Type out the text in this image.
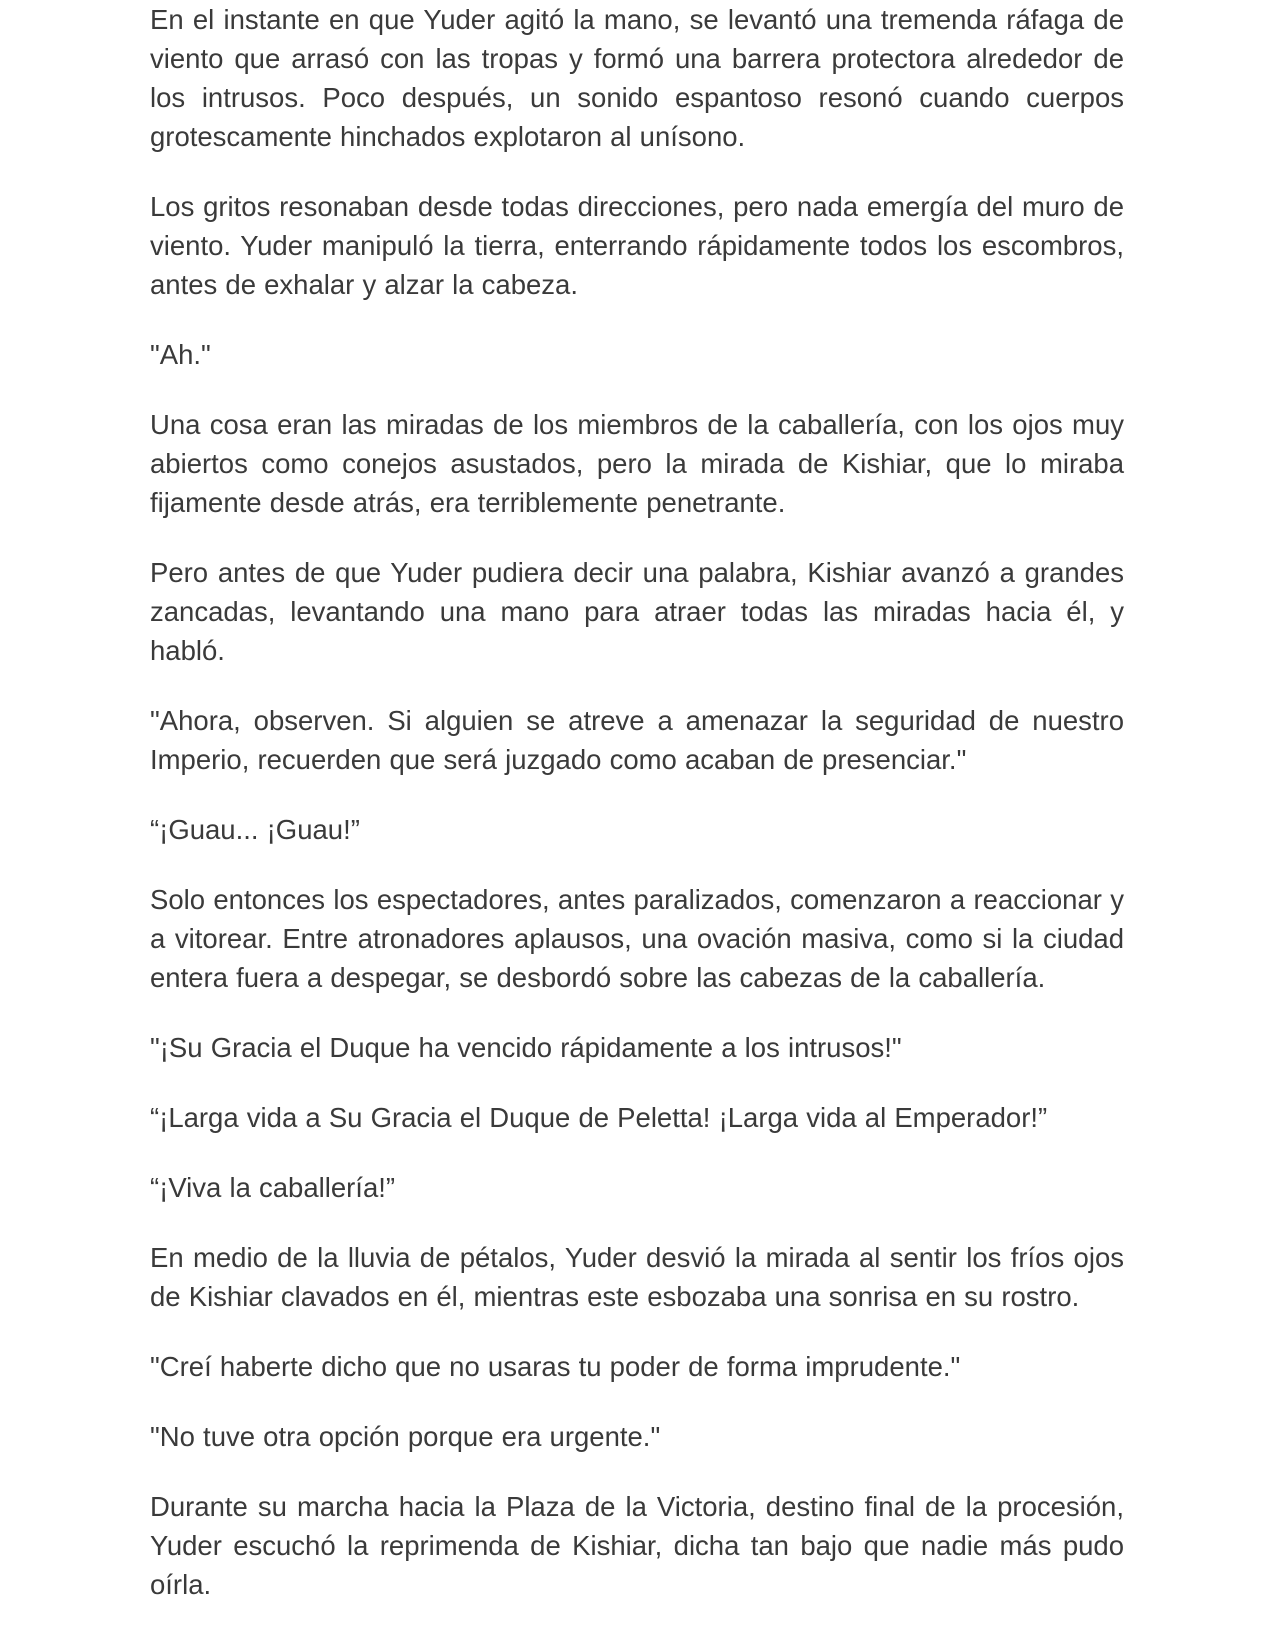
En el instante en que Yuder agitó la mano, se levantó una tremenda ráfaga de viento que arrasó con las tropas y formó una barrera protectora alrededor de los intrusos. Poco después, un sonido espantoso resonó cuando cuerpos grotescamente hinchados explotaron al unísono.

Los gritos resonaban desde todas direcciones, pero nada emergía del muro de viento. Yuder manipuló la tierra, enterrando rápidamente todos los escombros, antes de exhalar y alzar la cabeza.

"Ah."

Una cosa eran las miradas de los miembros de la caballería, con los ojos muy abiertos como conejos asustados, pero la mirada de Kishiar, que lo miraba fijamente desde atrás, era terriblemente penetrante.

Pero antes de que Yuder pudiera decir una palabra, Kishiar avanzó a grandes zancadas, levantando una mano para atraer todas las miradas hacia él, y habló.

"Ahora, observen. Si alguien se atreve a amenazar la seguridad de nuestro Imperio, recuerden que será juzgado como acaban de presenciar."

“¡Guau... ¡Guau!”

Solo entonces los espectadores, antes paralizados, comenzaron a reaccionar y a vitorear. Entre atronadores aplausos, una ovación masiva, como si la ciudad entera fuera a despegar, se desbordó sobre las cabezas de la caballería.

"¡Su Gracia el Duque ha vencido rápidamente a los intrusos!"

“¡Larga vida a Su Gracia el Duque de Peletta! ¡Larga vida al Emperador!”

“¡Viva la caballería!”

En medio de la lluvia de pétalos, Yuder desvió la mirada al sentir los fríos ojos de Kishiar clavados en él, mientras este esbozaba una sonrisa en su rostro.

"Creí haberte dicho que no usaras tu poder de forma imprudente."

"No tuve otra opción porque era urgente."

Durante su marcha hacia la Plaza de la Victoria, destino final de la procesión, Yuder escuchó la reprimenda de Kishiar, dicha tan bajo que nadie más pudo oírla.
